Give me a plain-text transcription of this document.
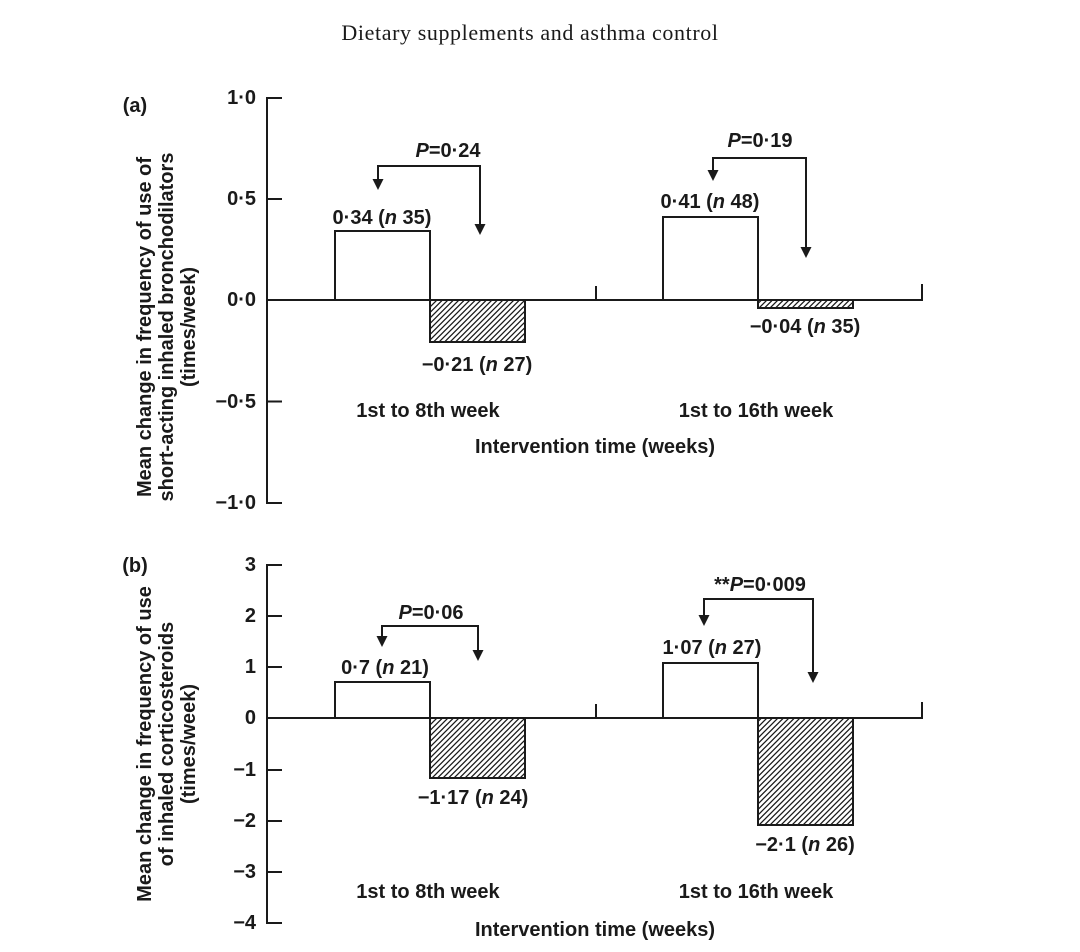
Dietary supplements and asthma control
(a)	1·0
0·5
0·0
−0·5
−1·0
Mean change in frequency of use of short-acting inhaled bronchodilators (times/week)
P=0·24	P=0·19
0·34 (n 35)
−0·21 (n 27)
0·41 (n 48)
−0·04 (n 35)
1st to 8th week	1st to 16th week
Intervention time (weeks)
(b)	3
2
1
0
−1
−2
−3
−4
Mean change in frequency of use of inhaled corticosteroids (times/week)
P=0·06
**P=0·009
0·7 (n 21)
−1·17 (n 24)
1·07 (n 27)
−2·1 (n 26)
1st to 8th week	1st to 16th week
Intervention time (weeks)
